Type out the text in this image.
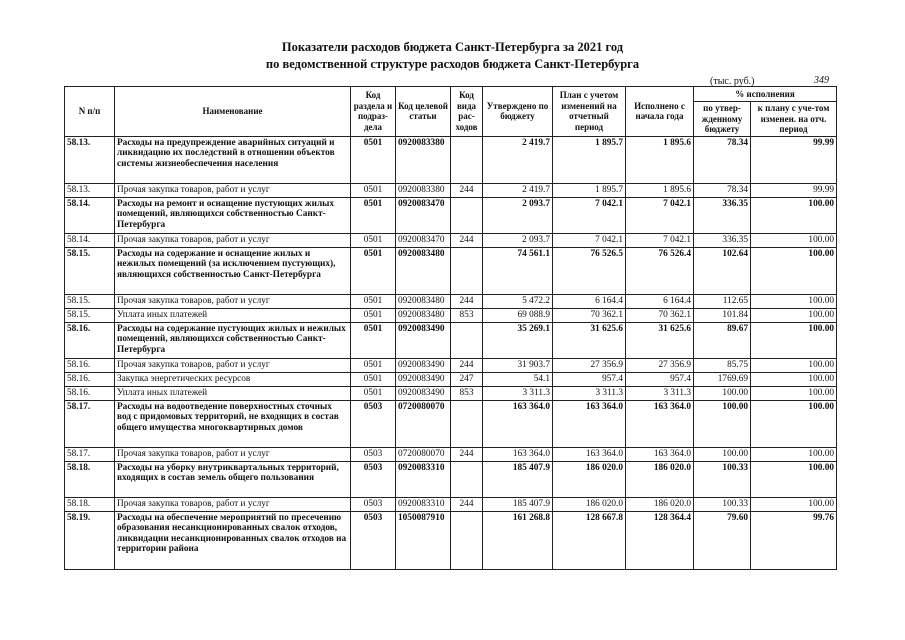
Показатели расходов бюджета Санкт-Петербурга за 2021 год
по ведомственной структуре расходов бюджета Санкт-Петербурга
(тыс. руб.)	349
N п/п	Наименование	Код раздела и подраз-дела	Код целевой статьи	Код вида рас-ходов	Утверждено по бюджету	План с учетом изменений на отчетный период	Исполнено с начала года	% исполнения	
								по утвер-жденному бюджету	к плану с уче-том изменен. на отч. период
58.13.	Расходы на предупреждение аварийных ситуаций и ликвидацию их последствий в отношении объектов системы жизнеобеспечения населения	0501	0920083380		2 419.7	1 895.7	1 895.6	78.34	99.99
58.13.	Прочая закупка товаров, работ и услуг	0501	0920083380	244	2 419.7	1 895.7	1 895.6	78.34	99.99
58.14.	Расходы на ремонт и оснащение пустующих жилых помещений, являющихся собственностью Санкт-Петербурга	0501	0920083470		2 093.7	7 042.1	7 042.1	336.35	100.00
58.14.	Прочая закупка товаров, работ и услуг	0501	0920083470	244	2 093.7	7 042.1	7 042.1	336.35	100.00
58.15.	Расходы на содержание и оснащение жилых и нежилых помещений (за исключением пустующих), являющихся собственностью Санкт-Петербурга	0501	0920083480		74 561.1	76 526.5	76 526.4	102.64	100.00
58.15.	Прочая закупка товаров, работ и услуг	0501	0920083480	244	5 472.2	6 164.4	6 164.4	112.65	100.00
58.15.	Уплата иных платежей	0501	0920083480	853	69 088.9	70 362.1	70 362.1	101.84	100.00
58.16.	Расходы на содержание пустующих жилых и нежилых помещений, являющихся собственностью Санкт-Петербурга	0501	0920083490		35 269.1	31 625.6	31 625.6	89.67	100.00
58.16.	Прочая закупка товаров, работ и услуг	0501	0920083490	244	31 903.7	27 356.9	27 356.9	85.75	100.00
58.16.	Закупка энергетических ресурсов	0501	0920083490	247	54.1	957.4	957.4	1769.69	100.00
58.16.	Уплата иных платежей	0501	0920083490	853	3 311.3	3 311.3	3 311.3	100.00	100.00
58.17.	Расходы на водоотведение поверхностных сточных вод с придомовых территорий, не входящих в состав общего имущества многоквартирных домов	0503	0720080070		163 364.0	163 364.0	163 364.0	100.00	100.00
58.17.	Прочая закупка товаров, работ и услуг	0503	0720080070	244	163 364.0	163 364.0	163 364.0	100.00	100.00
58.18.	Расходы на уборку внутриквартальных территорий, входящих в состав земель общего пользования	0503	0920083310		185 407.9	186 020.0	186 020.0	100.33	100.00
58.18.	Прочая закупка товаров, работ и услуг	0503	0920083310	244	185 407.9	186 020.0	186 020.0	100.33	100.00
58.19.	Расходы на обеспечение мероприятий по пресечению образования несанкционированных свалок отходов, ликвидации несанкционированных свалок отходов на территории района	0503	1050087910		161 268.8	128 667.8	128 364.4	79.60	99.76
